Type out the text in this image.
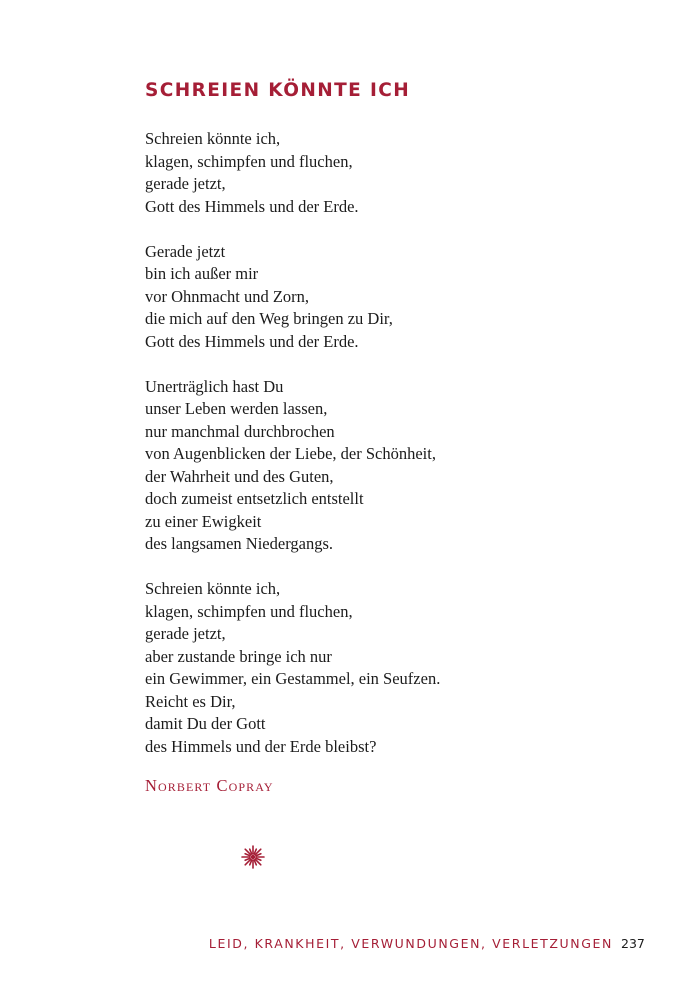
SCHREIEN KÖNNTE ICH
Schreien könnte ich,
klagen, schimpfen und fluchen,
gerade jetzt,
Gott des Himmels und der Erde.
Gerade jetzt
bin ich außer mir
vor Ohnmacht und Zorn,
die mich auf den Weg bringen zu Dir,
Gott des Himmels und der Erde.
Unerträglich hast Du
unser Leben werden lassen,
nur manchmal durchbrochen
von Augenblicken der Liebe, der Schönheit,
der Wahrheit und des Guten,
doch zumeist entsetzlich entstellt
zu einer Ewigkeit
des langsamen Niedergangs.
Schreien könnte ich,
klagen, schimpfen und fluchen,
gerade jetzt,
aber zustande bringe ich nur
ein Gewimmer, ein Gestammel, ein Seufzen.
Reicht es Dir,
damit Du der Gott
des Himmels und der Erde bleibst?
Norbert Copray
LEID, KRANKHEIT, VERWUNDUNGEN, VERLETZUNGEN 237
